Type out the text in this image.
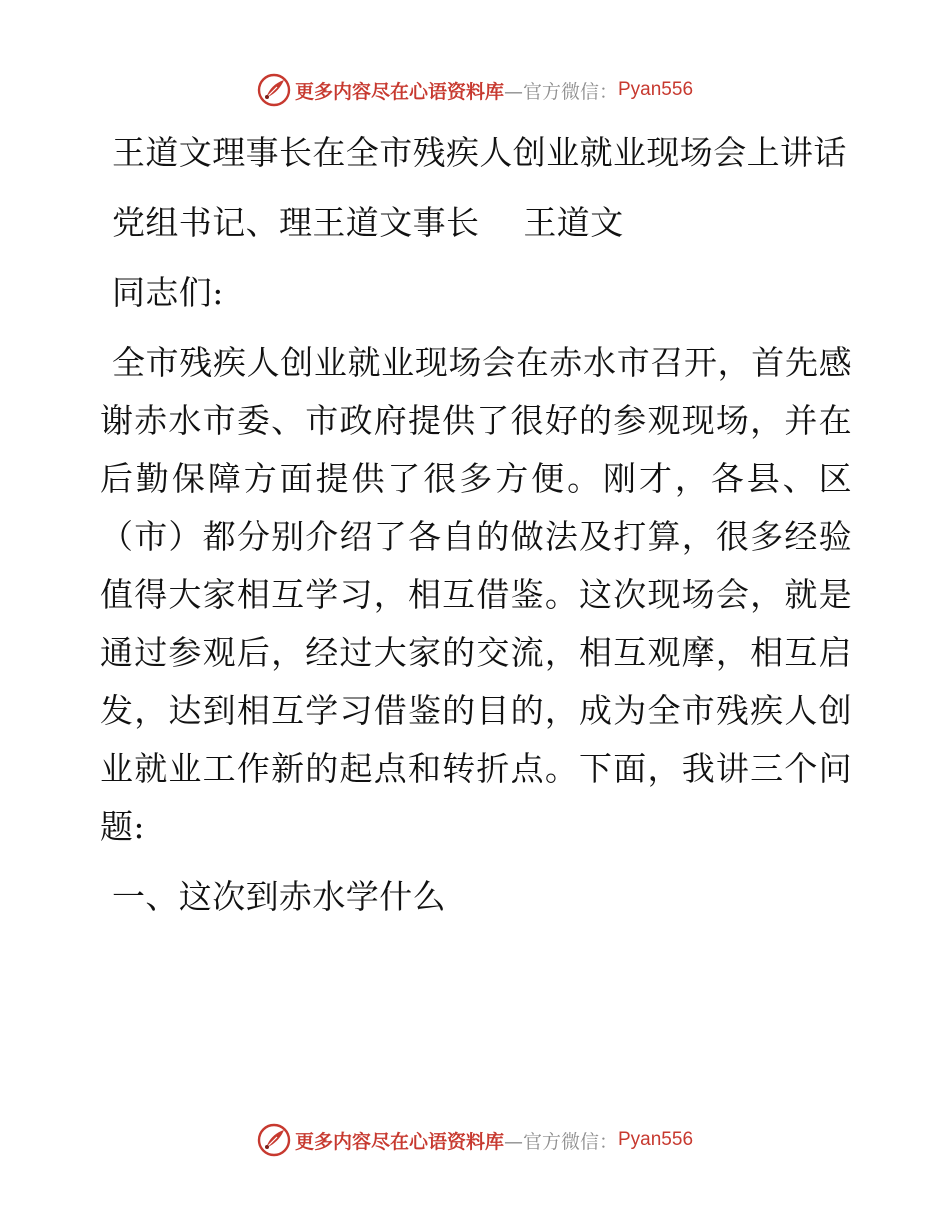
更多内容尽在心语资料库 —官方微信： Pyan556

王道文理事长在全市残疾人创业就业现场会上讲话

党组书记、理王道文事长 王道文

同志们:

全市残疾人创业就业现场会在赤水市召开，首先感谢赤水市委、市政府提供了很好的参观现场，并在后勤保障方面提供了很多方便。刚才，各县、区（市）都分别介绍了各自的做法及打算，很多经验值得大家相互学习，相互借鉴。这次现场会，就是通过参观后，经过大家的交流，相互观摩，相互启发，达到相互学习借鉴的目的，成为全市残疾人创业就业工作新的起点和转折点。下面，我讲三个问题:

一、这次到赤水学什么

更多内容尽在心语资料库 —官方微信： Pyan556
